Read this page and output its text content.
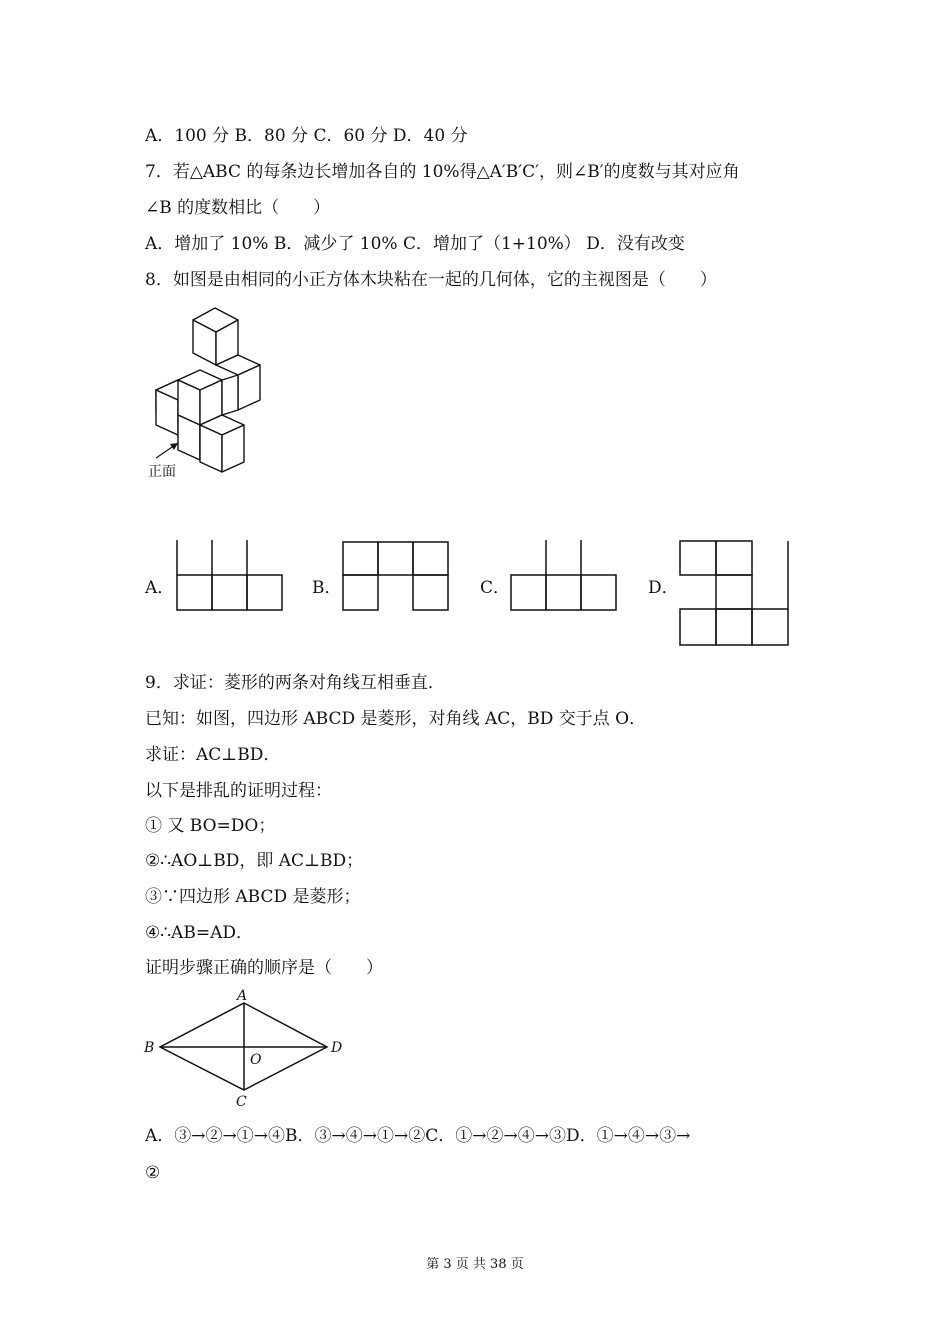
A．100 分 B．80 分 C．60 分 D．40 分
7．若△ABC 的每条边长增加各自的 10%得△A′B′C′，则∠B′的度数与其对应角
∠B 的度数相比（　　）
A．增加了 10% B．减少了 10% C．增加了（1+10%） D．没有改变
8．如图是由相同的小正方体木块粘在一起的几何体，它的主视图是（　　）
正面
A．	B．	C．	D．
9．求证：菱形的两条对角线互相垂直．
已知：如图，四边形 ABCD 是菱形，对角线 AC，BD 交于点 O．
求证：AC⊥BD．
以下是排乱的证明过程：
① 又 BO=DO；
②∴AO⊥BD，即 AC⊥BD；
③∵四边形 ABCD 是菱形；
④∴AB=AD．
证明步骤正确的顺序是（　　）
A
B
C
D
O
A．③→②→①→④B．③→④→①→②C．①→②→④→③D．①→④→③→
②
第 3 页 共 38 页
